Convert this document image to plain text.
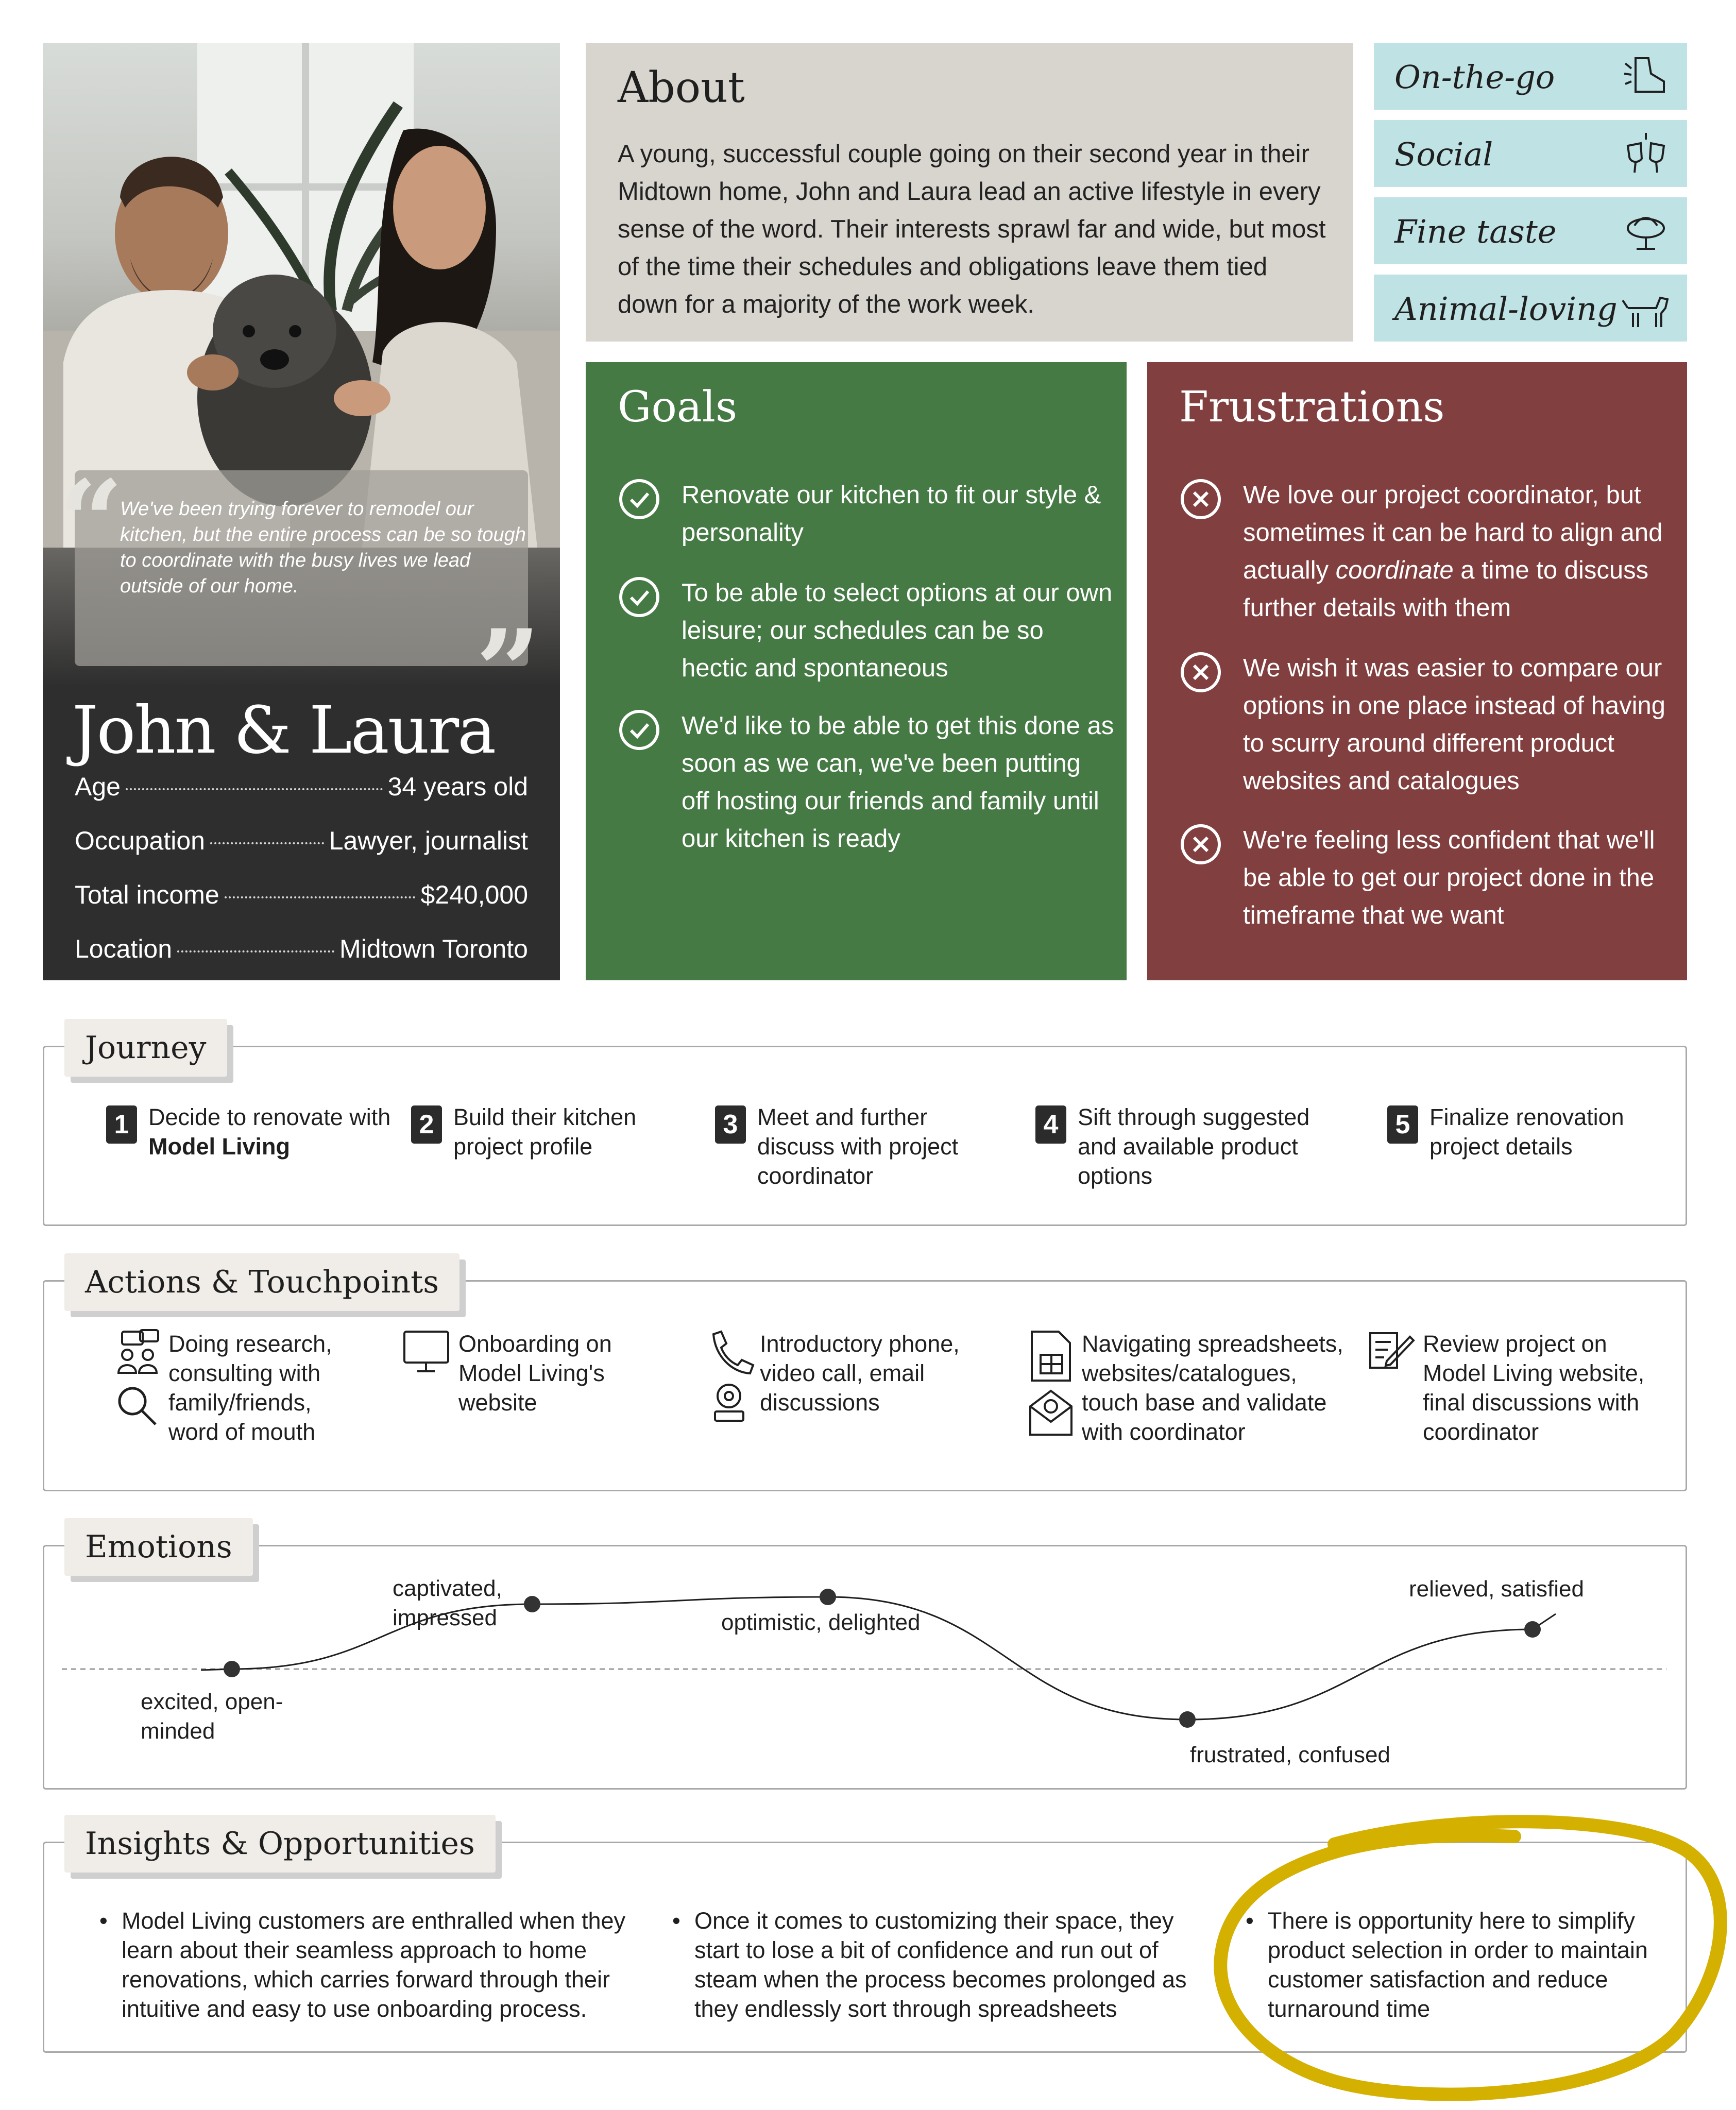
“
”
We've been trying forever to remodel our kitchen, but the entire process can be so tough to coordinate with the busy lives we lead outside of our home.
John & Laura
Age	34 years old
Occupation	Lawyer, journalist
Total income	$240,000
Location	Midtown Toronto
About
A young, successful couple going on their second year in their Midtown home, John and Laura lead an active lifestyle in every sense of the word. Their interests sprawl far and wide, but most of the time their schedules and obligations leave them tied down for a majority of the work week.
On-the-go
Social
Fine taste
Animal-loving
Goals
Renovate our kitchen to fit our style & personality
To be able to select options at our own leisure; our schedules can be so hectic and spontaneous
We'd like to be able to get this done as soon as we can, we've been putting off hosting our friends and family until our kitchen is ready
Frustrations
We love our project coordinator, but sometimes it can be hard to align and actually coordinate a time to discuss further details with them
We wish it was easier to compare our options in one place instead of having to scurry around different product websites and catalogues
We're feeling less confident that we'll be able to get our project done in the timeframe that we want
Journey
1 Decide to renovate with Model Living
2 Build their kitchen project profile
3 Meet and further discuss with project coordinator
4 Sift through suggested and available product options
5 Finalize renovation project details
Actions & Touchpoints
Doing research, consulting with family/friends, word of mouth
Onboarding on Model Living's website
Introductory phone, video call, email discussions
Navigating spreadsheets, websites/catalogues, touch base and validate with coordinator
Review project on Model Living website, final discussions with coordinator
Emotions
excited, open-minded
captivated, impressed	optimistic, delighted
frustrated, confused
relieved, satisfied
Insights & Opportunities
• Model Living customers are enthralled when they learn about their seamless approach to home renovations, which carries forward through their intuitive and easy to use onboarding process.
• Once it comes to customizing their space, they start to lose a bit of confidence and run out of steam when the process becomes prolonged as they endlessly sort through spreadsheets
• There is opportunity here to simplify product selection in order to maintain customer satisfaction and reduce turnaround time
